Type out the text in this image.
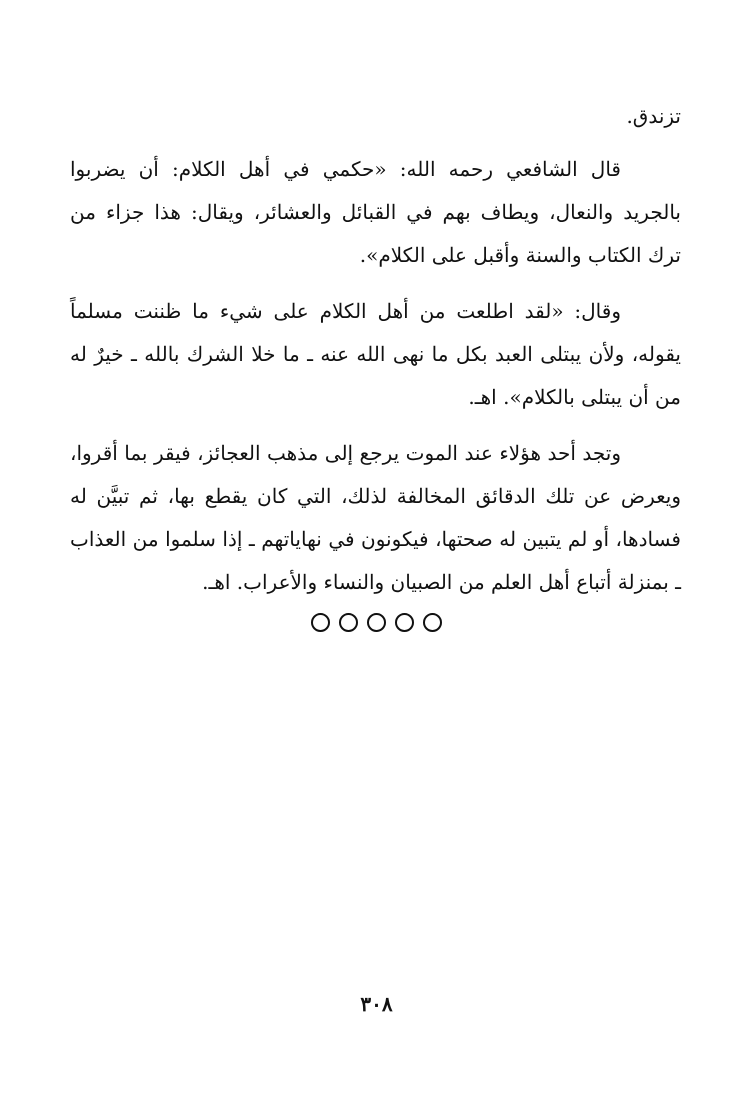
تزندق.

قال الشافعي رحمه الله: «حكمي في أهل الكلام: أن يضربوا بالجريد والنعال، ويطاف بهم في القبائل والعشائر، ويقال: هذا جزاء من ترك الكتاب والسنة وأقبل على الكلام».

وقال: «لقد اطلعت من أهل الكلام على شيء ما ظننت مسلماً يقوله، ولأن يبتلى العبد بكل ما نهى الله عنه ـ ما خلا الشرك بالله ـ خيرٌ له من أن يبتلى بالكلام». اهـ.

وتجد أحد هؤلاء عند الموت يرجع إلى مذهب العجائز، فيقر بما أقروا، ويعرض عن تلك الدقائق المخالفة لذلك، التي كان يقطع بها، ثم تبيَّن له فسادها، أو لم يتبين له صحتها، فيكونون في نهاياتهم ـ إذا سلموا من العذاب ـ بمنزلة أتباع أهل العلم من الصبيان والنساء والأعراب. اهـ.

٣٠٨
